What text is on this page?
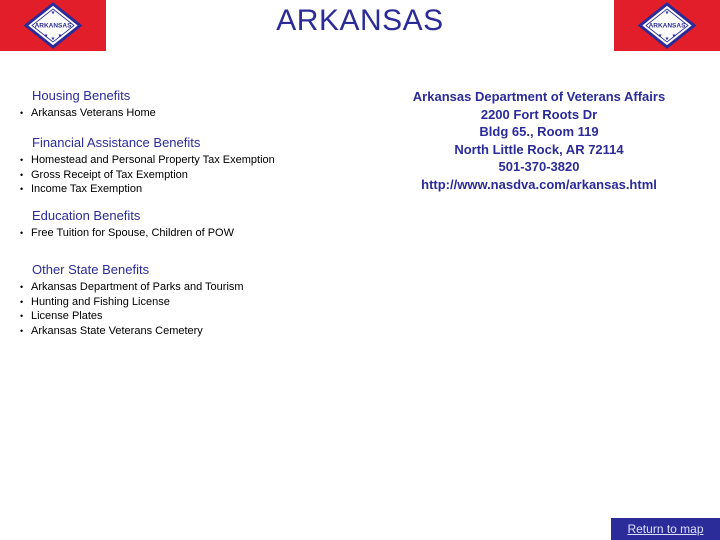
★
ARKANSAS
★ ★ ★	ARKANSAS	★
ARKANSAS
★ ★ ★
Housing Benefits
• Arkansas Veterans Home
Financial Assistance Benefits
• Homestead and Personal Property Tax Exemption
• Gross Receipt of Tax Exemption
• Income Tax Exemption
Education Benefits
• Free Tuition for Spouse, Children of POW
Other State Benefits
• Arkansas Department of Parks and Tourism
• Hunting and Fishing License
• License Plates
• Arkansas State Veterans Cemetery
Arkansas Department of Veterans Affairs
2200 Fort Roots Dr
Bldg 65., Room 119
North Little Rock, AR 72114
501-370-3820
http://www.nasdva.com/arkansas.html
Return to map
